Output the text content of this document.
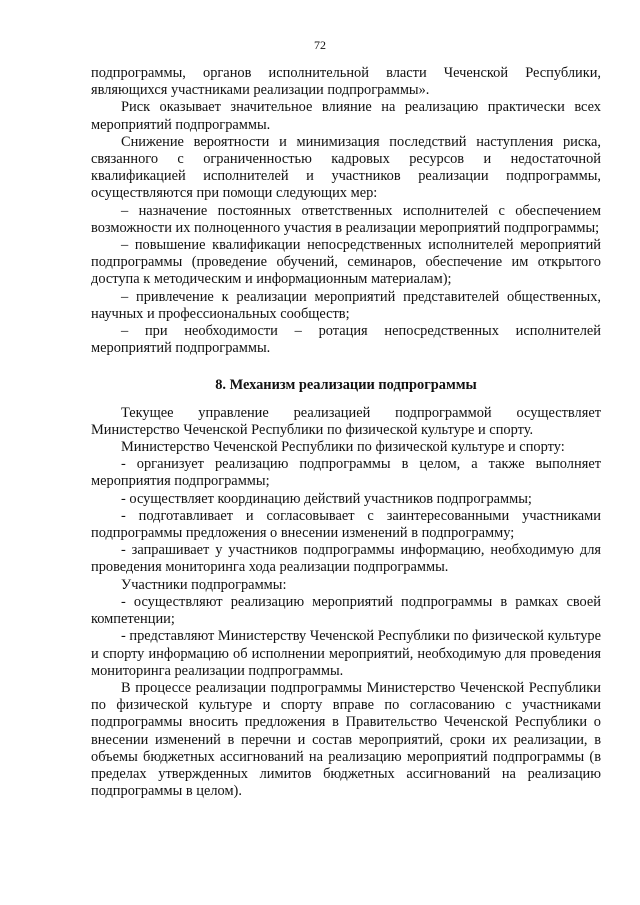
72

подпрограммы, органов исполнительной власти Чеченской Республики, являющихся участниками реализации подпрограммы».

Риск оказывает значительное влияние на реализацию практически всех мероприятий подпрограммы.

Снижение вероятности и минимизация последствий наступления риска, связанного с ограниченностью кадровых ресурсов и недостаточной квалификацией исполнителей и участников реализации подпрограммы, осуществляются при помощи следующих мер:

– назначение постоянных ответственных исполнителей с обеспечением возможности их полноценного участия в реализации мероприятий подпрограммы;

– повышение квалификации непосредственных исполнителей мероприятий подпрограммы (проведение обучений, семинаров, обеспечение им открытого доступа к методическим и информационным материалам);

– привлечение к реализации мероприятий представителей общественных, научных и профессиональных сообществ;

– при необходимости – ротация непосредственных исполнителей мероприятий подпрограммы.

8. Механизм реализации подпрограммы

Текущее управление реализацией подпрограммой осуществляет Министерство Чеченской Республики по физической культуре и спорту.

Министерство Чеченской Республики по физической культуре и спорту:

- организует реализацию подпрограммы в целом, а также выполняет мероприятия подпрограммы;

- осуществляет координацию действий участников подпрограммы;

- подготавливает и согласовывает с заинтересованными участниками подпрограммы предложения о внесении изменений в подпрограмму;

- запрашивает у участников подпрограммы информацию, необходимую для проведения мониторинга хода реализации подпрограммы.

Участники подпрограммы:

- осуществляют реализацию мероприятий подпрограммы в рамках своей компетенции;

- представляют Министерству Чеченской Республики по физической культуре и спорту информацию об исполнении мероприятий, необходимую для проведения мониторинга реализации подпрограммы.

В процессе реализации подпрограммы Министерство Чеченской Республики по физической культуре и спорту вправе по согласованию с участниками подпрограммы вносить предложения в Правительство Чеченской Республики о внесении изменений в перечни и состав мероприятий, сроки их реализации, в объемы бюджетных ассигнований на реализацию мероприятий подпрограммы (в пределах утвержденных лимитов бюджетных ассигнований на реализацию подпрограммы в целом).
